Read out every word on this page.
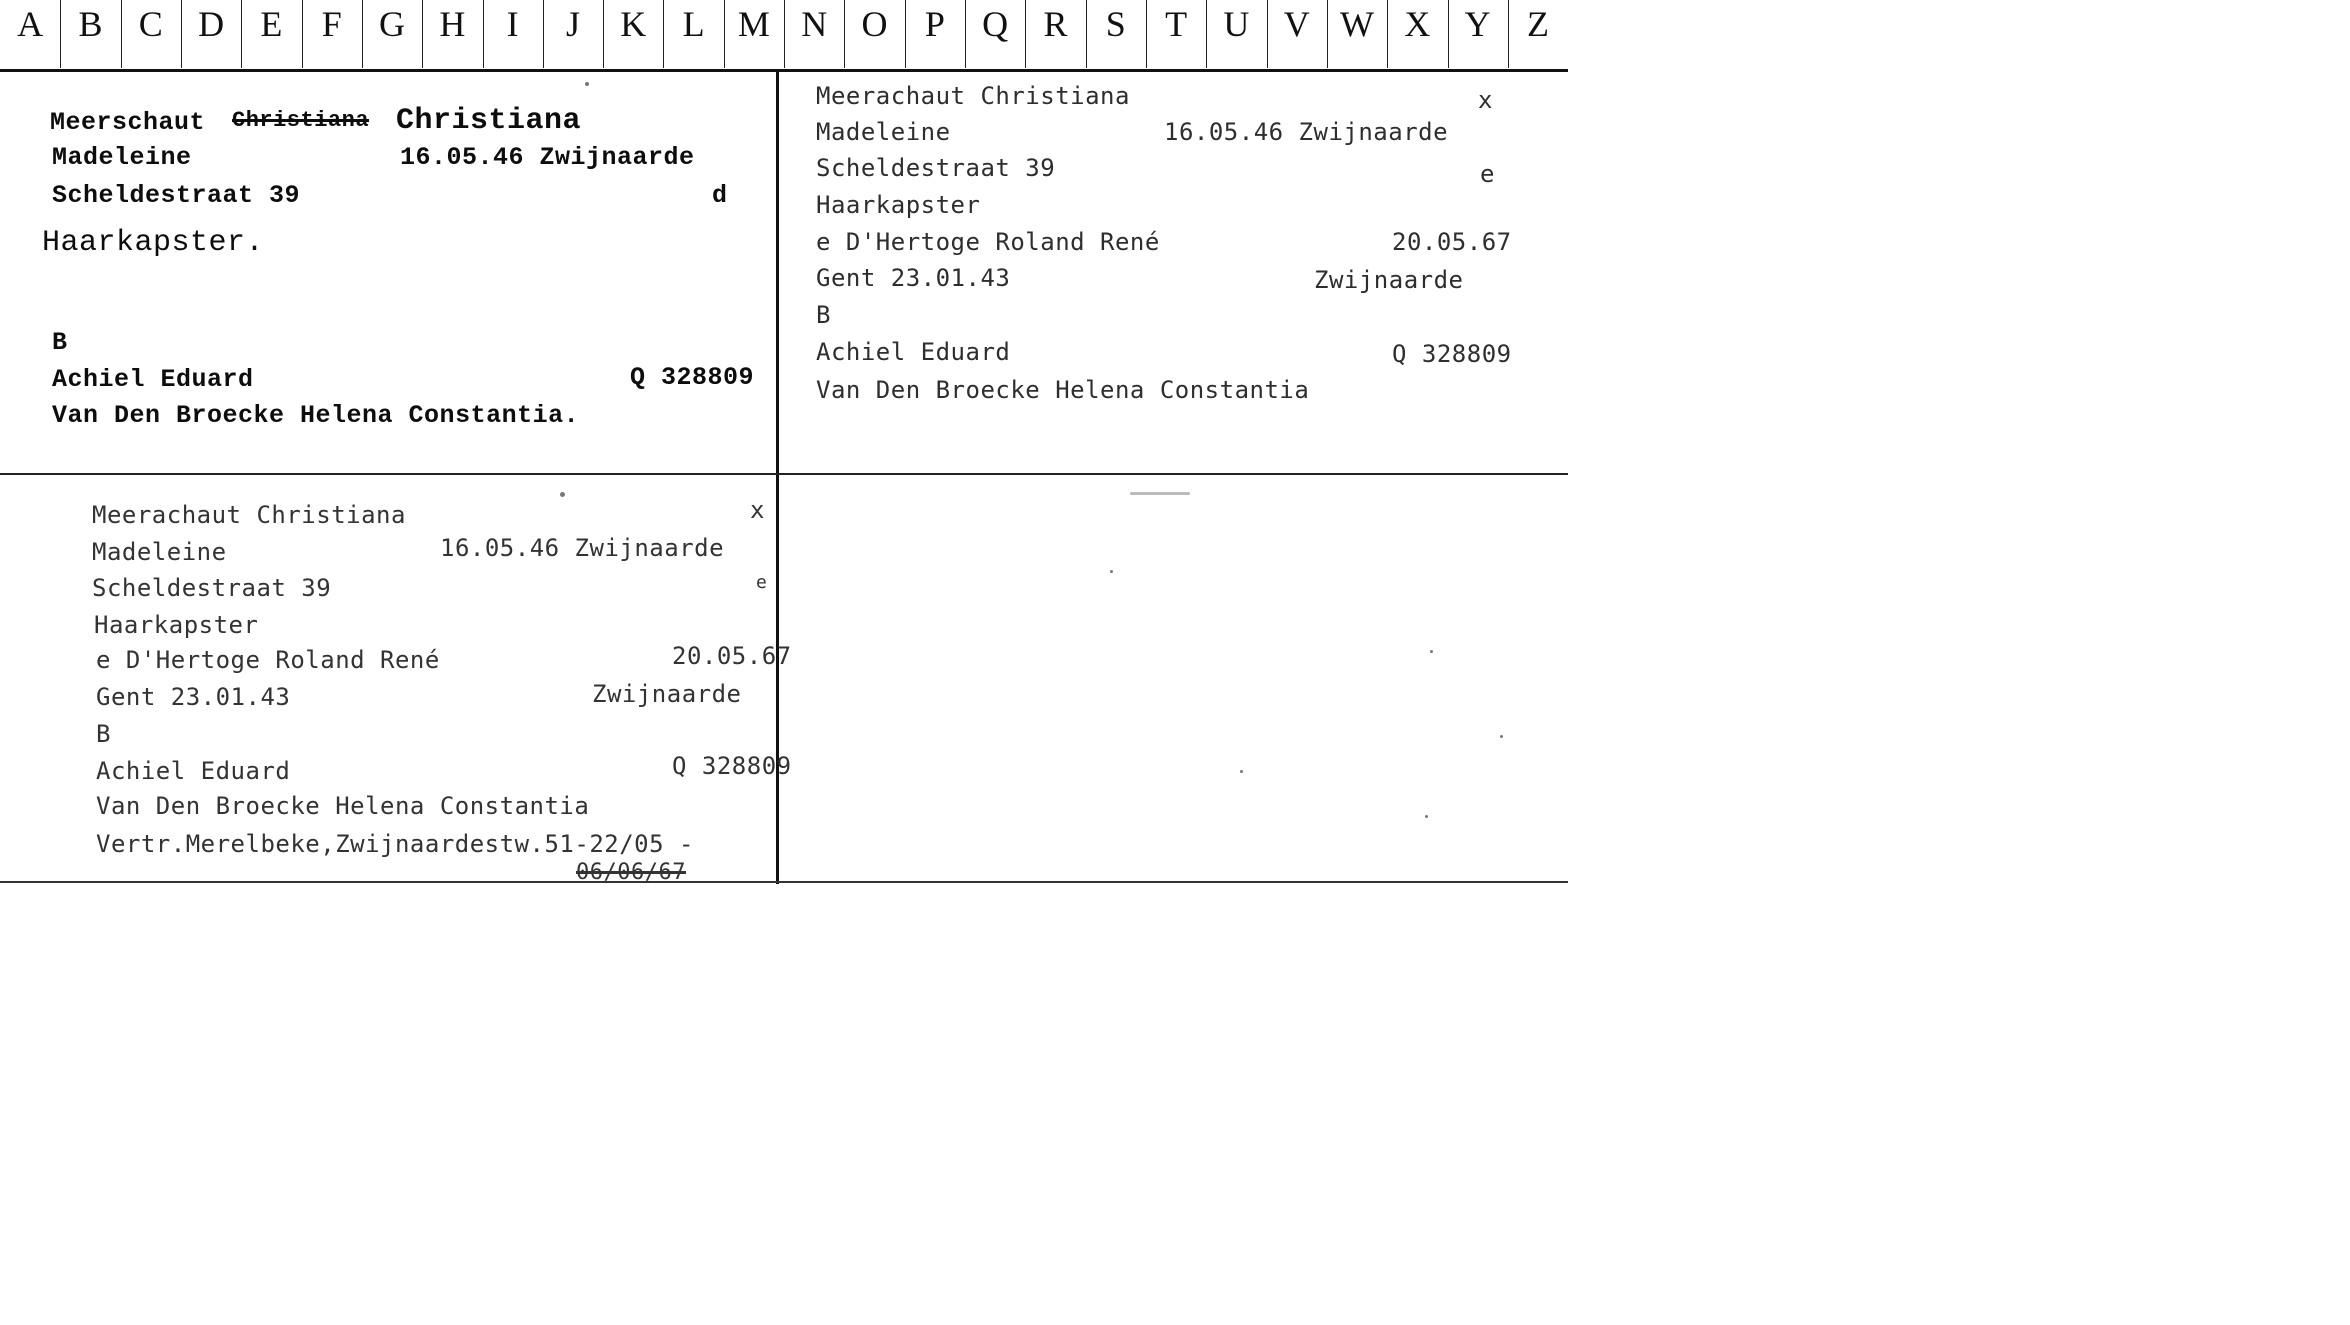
A B	C D	E	F	G H	I	J	K	L M N O	P	Q R	S	T	U V W X Y	Z
Meerschaut Christiana Christiana
Madeleine	16.05.46 Zwijnaarde
Scheldestraat 39	d
Haarkapster.
B
Achiel Eduard	Q 328809
Van Den Broecke Helena Constantia.
Meerachaut Christiana	x
Madeleine	16.05.46 Zwijnaarde
Scheldestraat 39	e
Haarkapster
e D'Hertoge Roland René	20.05.67
Gent 23.01.43	Zwijnaarde
B
Achiel Eduard	Q 328809
Van Den Broecke Helena Constantia
Meerachaut Christiana	x
Madeleine	16.05.46 Zwijnaarde
Scheldestraat 39	e
Haarkapster
e D'Hertoge Roland René	20.05.67
Gent 23.01.43	Zwijnaarde
B
Achiel Eduard	Q 328809
Van Den Broecke Helena Constantia
Vertr.Merelbeke,Zwijnaardestw.51-22/05 -
06/06/67
